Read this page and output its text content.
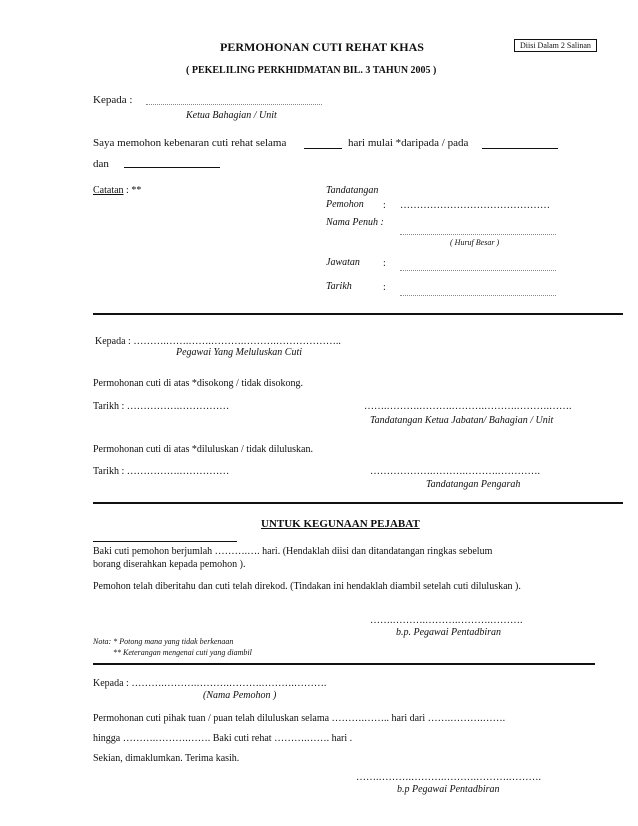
PERMOHONAN CUTI REHAT KHAS	Diisi Dalam 2 Salinan
( PEKELILING PERKHIDMATAN BIL. 3 TAHUN 2005 )
Kepada :
Ketua Bahagian / Unit
Saya memohon kebenaran cuti rehat selama	hari mulai *daripada / pada
dan
Catatan : **	Tandatangan
Pemohon : ………………………………………
Nama Penuh :
( Huruf Besar )
Jawatan :
Tarikh	:
Kepada : ……….…….…….……….……….………………..
Pegawai Yang Meluluskan Cuti
Permohonan cuti di atas *disokong / tidak disokong.
Tarikh : …………….……………	…….……….……….……….……….……….…….
Tandatangan Ketua Jabatan/ Bahagian / Unit
Permohonan cuti di atas *diluluskan / tidak diluluskan.
Tarikh : …………….……………	……………….……….……….………….
Tandatangan Pengarah
UNTUK KEGUNAAN PEJABAT
Baki cuti pemohon berjumlah ……….…. hari. (Hendaklah diisi dan ditandatangan ringkas sebelum
borang diserahkan kepada pemohon ).
Pemohon telah diberitahu dan cuti telah direkod. (Tindakan ini hendaklah diambil setelah cuti diluluskan ).
…….……….……….……….……….
b.p. Pegawai Pentadbiran
Nota: * Potong mana yang tidak berkenaan
** Keterangan mengenai cuti yang diambil
Kepada : ……….……….……….……….……….……….
(Nama Pemohon )
Permohonan cuti pihak tuan / puan telah diluluskan selama ……….…….. hari dari …….……….…….
hingga ……….……….……. Baki cuti rehat ……….……. hari .
Sekian, dimaklumkan. Terima kasih.
…….……….……….……….……….……….
b.p Pegawai Pentadbiran
